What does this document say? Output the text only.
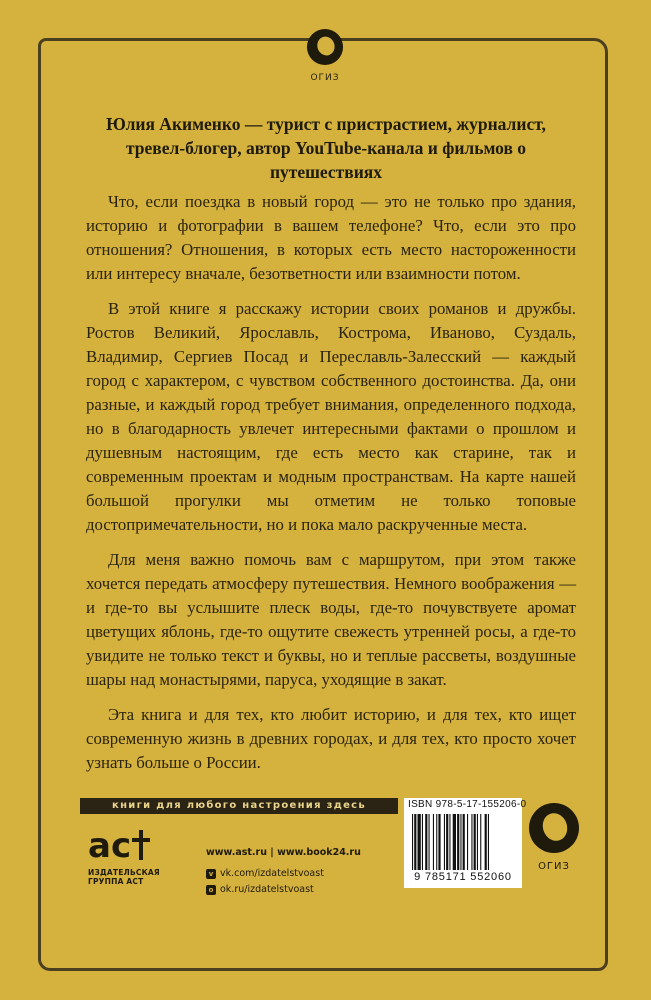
ОГИЗ
Юлия Акименко — турист с пристрастием, журналист, тревел-блогер, автор YouTube-канала и фильмов о путешествиях

Что, если поездка в новый город — это не только про здания, историю и фотографии в вашем телефоне? Что, если это про отношения? Отношения, в которых есть место настороженности или интересу вначале, безответности или взаимности потом.

В этой книге я расскажу истории своих романов и дружбы. Ростов Великий, Ярославль, Кострома, Иваново, Суздаль, Владимир, Сергиев Посад и Переславль-Залесский — каждый город с характером, с чувством собственного достоинства. Да, они разные, и каждый город требует внимания, определенного подхода, но в благодарность увлечет интересными фактами о прошлом и душевным настоящим, где есть место как старине, так и современным проектам и модным пространствам. На карте нашей большой прогулки мы отметим не только топовые достопримечательности, но и пока мало раскрученные места.

Для меня важно помочь вам с маршрутом, при этом также хочется передать атмосферу путешествия. Немного воображения — и где-то вы услышите плеск воды, где-то почувствуете аромат цветущих яблонь, где-то ощутите свежесть утренней росы, а где-то увидите не только текст и буквы, но и теплые рассветы, воздушные шары над монастырями, паруса, уходящие в закат.

Эта книга и для тех, кто любит историю, и для тех, кто ищет современную жизнь в древних городах, и для тех, кто просто хочет узнать больше о России.

книги для любого настроения здесь
ac
ИЗДАТЕЛЬСКАЯ ГРУППА АСТ
www.ast.ru | www.book24.ru
v vk.com/izdatelstvoast
o ok.ru/izdatelstvoast
ISBN 978-5-17-155206-0
9 785171 552060
ОГИЗ
